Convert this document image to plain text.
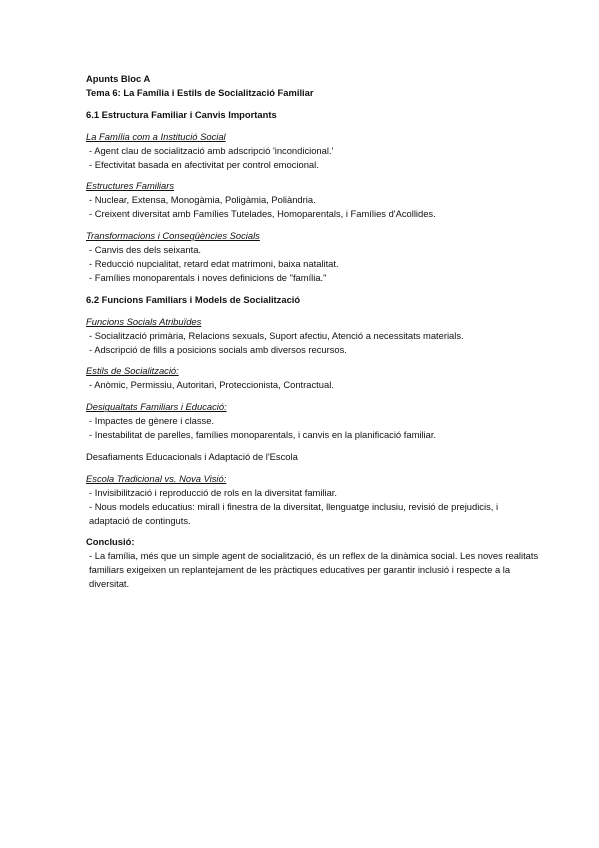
Apunts Bloc A
Tema 6: La Família i Estils de Socialització Familiar
6.1 Estructura Familiar i Canvis Importants
La Família com a Institució Social
- Agent clau de socialització amb adscripció 'incondicional.'
- Efectivitat basada en afectivitat per control emocional.
Estructures Familiars
- Nuclear, Extensa, Monogàmia, Poligàmia, Poliàndria.
- Creixent diversitat amb Famílies Tutelades, Homoparentals, i Famílies d'Acollides.
Transformacions i Conseqüències Socials
- Canvis des dels seixanta.
- Reducció nupcialitat, retard edat matrimoni, baixa natalitat.
- Famílies monoparentals i noves definicions de "família."
6.2 Funcions Familiars i Models de Socialització
Funcions Socials Atribuïdes
- Socialització primària, Relacions sexuals, Suport afectiu, Atenció a necessitats materials.
- Adscripció de fills a posicions socials amb diversos recursos.
Estils de Socialització:
- Anòmic, Permissiu, Autoritari, Proteccionista, Contractual.
Desigualtats Familiars i Educació:
- Impactes de gènere i classe.
- Inestabilitat de parelles, famílies monoparentals, i canvis en la planificació familiar.
Desafiaments Educacionals i Adaptació de l'Escola
Escola Tradicional vs. Nova Visió:
- Invisibilització i reproducció de rols en la diversitat familiar.
- Nous models educatius: mirall i finestra de la diversitat, llenguatge inclusiu, revisió de prejudicis, i adaptació de continguts.
Conclusió:
- La família, més que un simple agent de socialització, és un reflex de la dinàmica social. Les noves realitats familiars exigeixen un replantejament de les pràctiques educatives per garantir inclusió i respecte a la diversitat.
